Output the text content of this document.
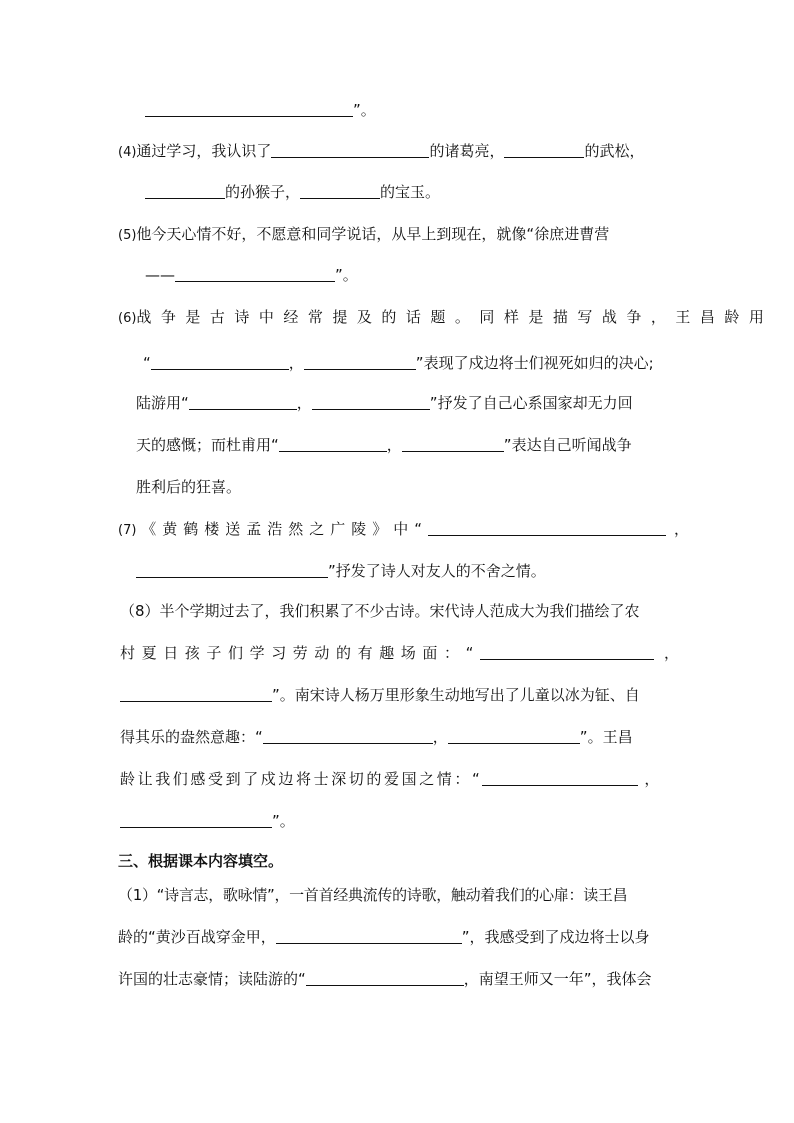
”。
(4)通过学习，我认识了	的诸葛亮，	的武松，
的孙猴子，	的宝玉。
(5)他今天心情不好，不愿意和同学说话，从早上到现在，就像“徐庶进曹营
——	”。
(6)战争是古诗中经常提及的话题。同样是描写战争，王昌龄用
“	，	”表现了戍边将士们视死如归的决心;
陆游用“	，	”抒发了自己心系国家却无力回
天的感慨；而杜甫用“	，	”表达自己听闻战争
胜利后的狂喜。
(7) 《黄鹤楼送孟浩然之广陵》中“	，
”抒发了诗人对友人的不舍之情。
（8）半个学期过去了，我们积累了不少古诗。宋代诗人范成大为我们描绘了农
村夏日孩子们学习劳动的有趣场面：“	，
”。南宋诗人杨万里形象生动地写出了儿童以冰为钲、自
得其乐的盎然意趣：“	，	”。王昌
龄让我们感受到了戍边将士深切的爱国之情：“	，
”。
三、根据课本内容填空。
（1）“诗言志，歌咏情”，一首首经典流传的诗歌，触动着我们的心扉：读王昌
龄的“黄沙百战穿金甲，	”，我感受到了戍边将士以身
许国的壮志豪情；读陆游的“	，南望王师又一年”，我体会
